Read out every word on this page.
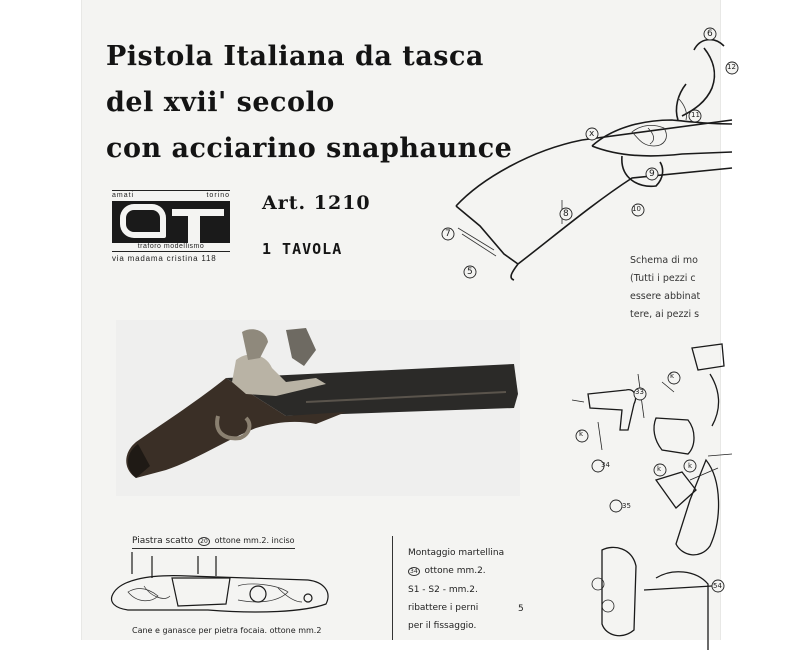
Pistola Italiana da tasca
del xvii' secolo
con acciarino snaphaunce
amati	torino
traforo modellismo
via madama cristina 118
Art. 1210
1 TAVOLA
6
12
11
x
9
10
8
7
5
Schema di mo
(Tutti i pezzi c
essere abbinat
tere, ai pezzi s
33
k
k
k
k
34
35
54
5
Piastra scatto 20 ottone mm.2. inciso
Cane e ganasce per pietra focaia. ottone mm.2
Montaggio martellina
34 ottone mm.2.
S1 - S2 - mm.2.
ribattere i perni
per il fissaggio.
